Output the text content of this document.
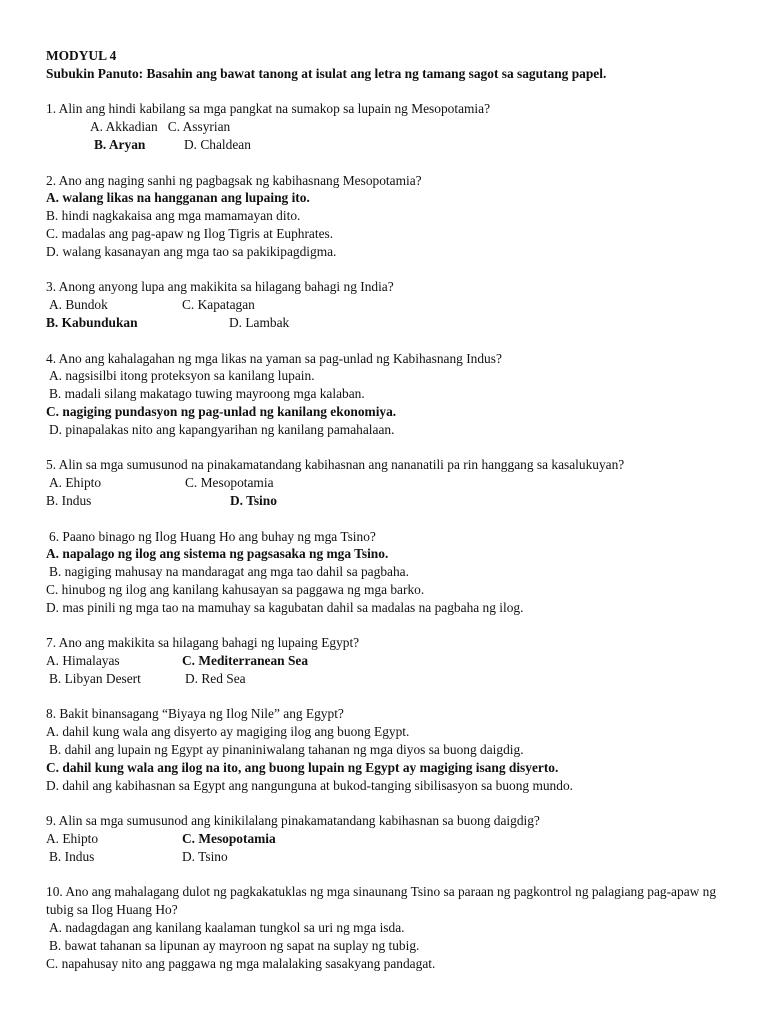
MODYUL 4
Subukin Panuto: Basahin ang bawat tanong at isulat ang letra ng tamang sagot sa sagutang papel.
1. Alin ang hindi kabilang sa mga pangkat na sumakop sa lupain ng Mesopotamia?
A. Akkadian C. Assyrian
B. Aryan	D. Chaldean
2. Ano ang naging sanhi ng pagbagsak ng kabihasnang Mesopotamia?
A. walang likas na hangganan ang lupaing ito.
B. hindi nagkakaisa ang mga mamamayan dito.
C. madalas ang pag-apaw ng Ilog Tigris at Euphrates.
D. walang kasanayan ang mga tao sa pakikipagdigma.
3. Anong anyong lupa ang makikita sa hilagang bahagi ng India?
A. Bundok	C. Kapatagan
B. Kabundukan	D. Lambak
4. Ano ang kahalagahan ng mga likas na yaman sa pag-unlad ng Kabihasnang Indus?
A. nagsisilbi itong proteksyon sa kanilang lupain.
B. madali silang makatago tuwing mayroong mga kalaban.
C. nagiging pundasyon ng pag-unlad ng kanilang ekonomiya.
D. pinapalakas nito ang kapangyarihan ng kanilang pamahalaan.
5. Alin sa mga sumusunod na pinakamatandang kabihasnan ang nananatili pa rin hanggang sa kasalukuyan?
A. Ehipto	C. Mesopotamia
B. Indus	D. Tsino
6. Paano binago ng Ilog Huang Ho ang buhay ng mga Tsino?
A. napalago ng ilog ang sistema ng pagsasaka ng mga Tsino.
B. nagiging mahusay na mandaragat ang mga tao dahil sa pagbaha.
C. hinubog ng ilog ang kanilang kahusayan sa paggawa ng mga barko.
D. mas pinili ng mga tao na mamuhay sa kagubatan dahil sa madalas na pagbaha ng ilog.
7. Ano ang makikita sa hilagang bahagi ng lupaing Egypt?
A. Himalayas	C. Mediterranean Sea
B. Libyan Desert	D. Red Sea
8. Bakit binansagang “Biyaya ng Ilog Nile” ang Egypt?
A. dahil kung wala ang disyerto ay magiging ilog ang buong Egypt.
B. dahil ang lupain ng Egypt ay pinaniniwalang tahanan ng mga diyos sa buong daigdig.
C. dahil kung wala ang ilog na ito, ang buong lupain ng Egypt ay magiging isang disyerto.
D. dahil ang kabihasnan sa Egypt ang nangunguna at bukod-tanging sibilisasyon sa buong mundo.
9. Alin sa mga sumusunod ang kinikilalang pinakamatandang kabihasnan sa buong daigdig?
A. Ehipto	C. Mesopotamia
B. Indus	D. Tsino
10. Ano ang mahalagang dulot ng pagkakatuklas ng mga sinaunang Tsino sa paraan ng pagkontrol ng palagiang pag-apaw ng tubig sa Ilog Huang Ho?
A. nadagdagan ang kanilang kaalaman tungkol sa uri ng mga isda.
B. bawat tahanan sa lipunan ay mayroon ng sapat na suplay ng tubig.
C. napahusay nito ang paggawa ng mga malalaking sasakyang pandagat.
